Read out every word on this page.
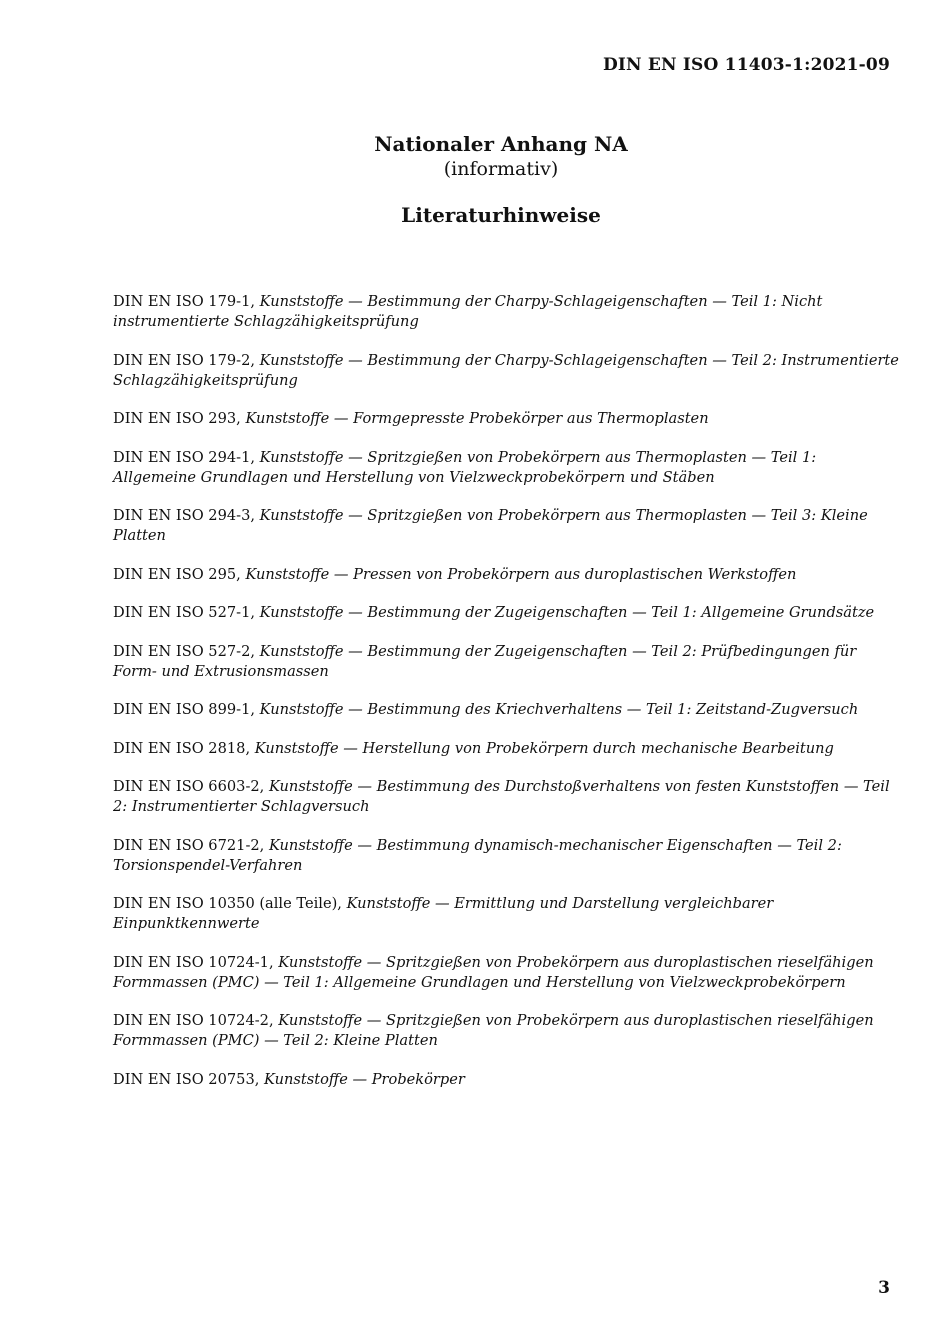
DIN EN ISO 11403-1:2021-09
Nationaler Anhang NA
(informativ)
Literaturhinweise
DIN EN ISO 179-1, Kunststoffe — Bestimmung der Charpy-Schlageigenschaften — Teil 1: Nicht instrumentierte Schlagzähigkeitsprüfung
DIN EN ISO 179-2, Kunststoffe — Bestimmung der Charpy-Schlageigenschaften — Teil 2: Instrumentierte Schlagzähigkeitsprüfung
DIN EN ISO 293, Kunststoffe — Formgepresste Probekörper aus Thermoplasten
DIN EN ISO 294-1, Kunststoffe — Spritzgießen von Probekörpern aus Thermoplasten — Teil 1: Allgemeine Grundlagen und Herstellung von Vielzweckprobekörpern und Stäben
DIN EN ISO 294-3, Kunststoffe — Spritzgießen von Probekörpern aus Thermoplasten — Teil 3: Kleine Platten
DIN EN ISO 295, Kunststoffe — Pressen von Probekörpern aus duroplastischen Werkstoffen
DIN EN ISO 527-1, Kunststoffe — Bestimmung der Zugeigenschaften — Teil 1: Allgemeine Grundsätze
DIN EN ISO 527-2, Kunststoffe — Bestimmung der Zugeigenschaften — Teil 2: Prüfbedingungen für Form- und Extrusionsmassen
DIN EN ISO 899-1, Kunststoffe — Bestimmung des Kriechverhaltens — Teil 1: Zeitstand-Zugversuch
DIN EN ISO 2818, Kunststoffe — Herstellung von Probekörpern durch mechanische Bearbeitung
DIN EN ISO 6603-2, Kunststoffe — Bestimmung des Durchstoßverhaltens von festen Kunststoffen — Teil 2: Instrumentierter Schlagversuch
DIN EN ISO 6721-2, Kunststoffe — Bestimmung dynamisch-mechanischer Eigenschaften — Teil 2: Torsionspendel-Verfahren
DIN EN ISO 10350 (alle Teile), Kunststoffe — Ermittlung und Darstellung vergleichbarer Einpunktkennwerte
DIN EN ISO 10724-1, Kunststoffe — Spritzgießen von Probekörpern aus duroplastischen rieselfähigen Formmassen (PMC) — Teil 1: Allgemeine Grundlagen und Herstellung von Vielzweckprobekörpern
DIN EN ISO 10724-2, Kunststoffe — Spritzgießen von Probekörpern aus duroplastischen rieselfähigen Formmassen (PMC) — Teil 2: Kleine Platten
DIN EN ISO 20753, Kunststoffe — Probekörper
3
